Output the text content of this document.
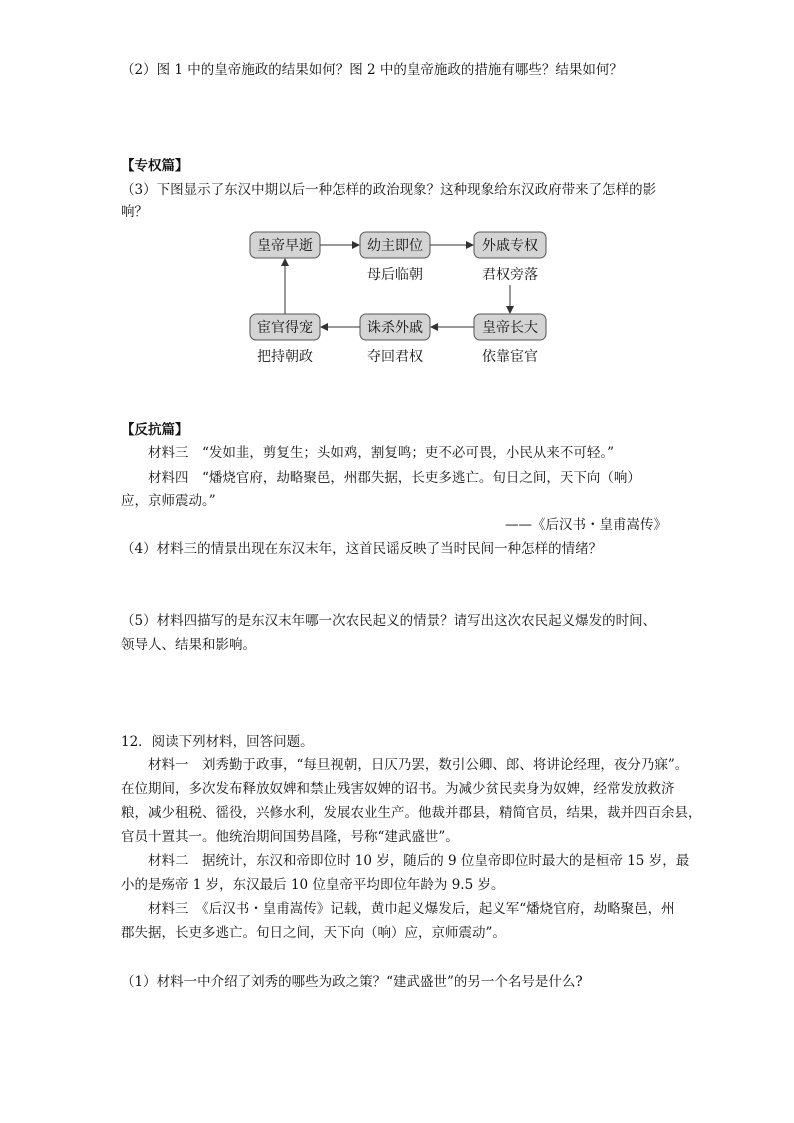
（2）图 1 中的皇帝施政的结果如何？图 2 中的皇帝施政的措施有哪些？结果如何？
【专权篇】
（3）下图显示了东汉中期以后一种怎样的政治现象？这种现象给东汉政府带来了怎样的影
响？
皇帝早逝	幼主即位	外戚专权
母后临朝	君权旁落
宦官得宠	诛杀外戚	皇帝长大
把持朝政	夺回君权	依靠宦官
【反抗篇】
材料三　“发如韭，剪复生；头如鸡，割复鸣；吏不必可畏，小民从来不可轻。”
材料四　“燔烧官府，劫略聚邑，州郡失据，长吏多逃亡。旬日之间，天下向（响）
应，京师震动。”
——《后汉书・皇甫嵩传》
（4）材料三的情景出现在东汉末年，这首民谣反映了当时民间一种怎样的情绪？
（5）材料四描写的是东汉末年哪一次农民起义的情景？请写出这次农民起义爆发的时间、
领导人、结果和影响。
12．阅读下列材料，回答问题。
材料一　刘秀勤于政事，“每旦视朝，日仄乃罢，数引公卿、郎、将讲论经理，夜分乃寐”。
在位期间，多次发布释放奴婢和禁止残害奴婢的诏书。为减少贫民卖身为奴婢，经常发放救济
粮，减少租税、徭役，兴修水利，发展农业生产。他裁并郡县，精简官员，结果，裁并四百余县，
官员十置其一。他统治期间国势昌隆，号称“建武盛世”。
材料二　据统计，东汉和帝即位时 10 岁，随后的 9 位皇帝即位时最大的是桓帝 15 岁，最
小的是殇帝 1 岁，东汉最后 10 位皇帝平均即位年龄为 9.5 岁。
材料三　《后汉书・皇甫嵩传》记载，黄巾起义爆发后，起义军“燔烧官府，劫略聚邑，州
郡失据，长吏多逃亡。旬日之间，天下向（响）应，京师震动”。
（1）材料一中介绍了刘秀的哪些为政之策？“建武盛世”的另一个名号是什么?
